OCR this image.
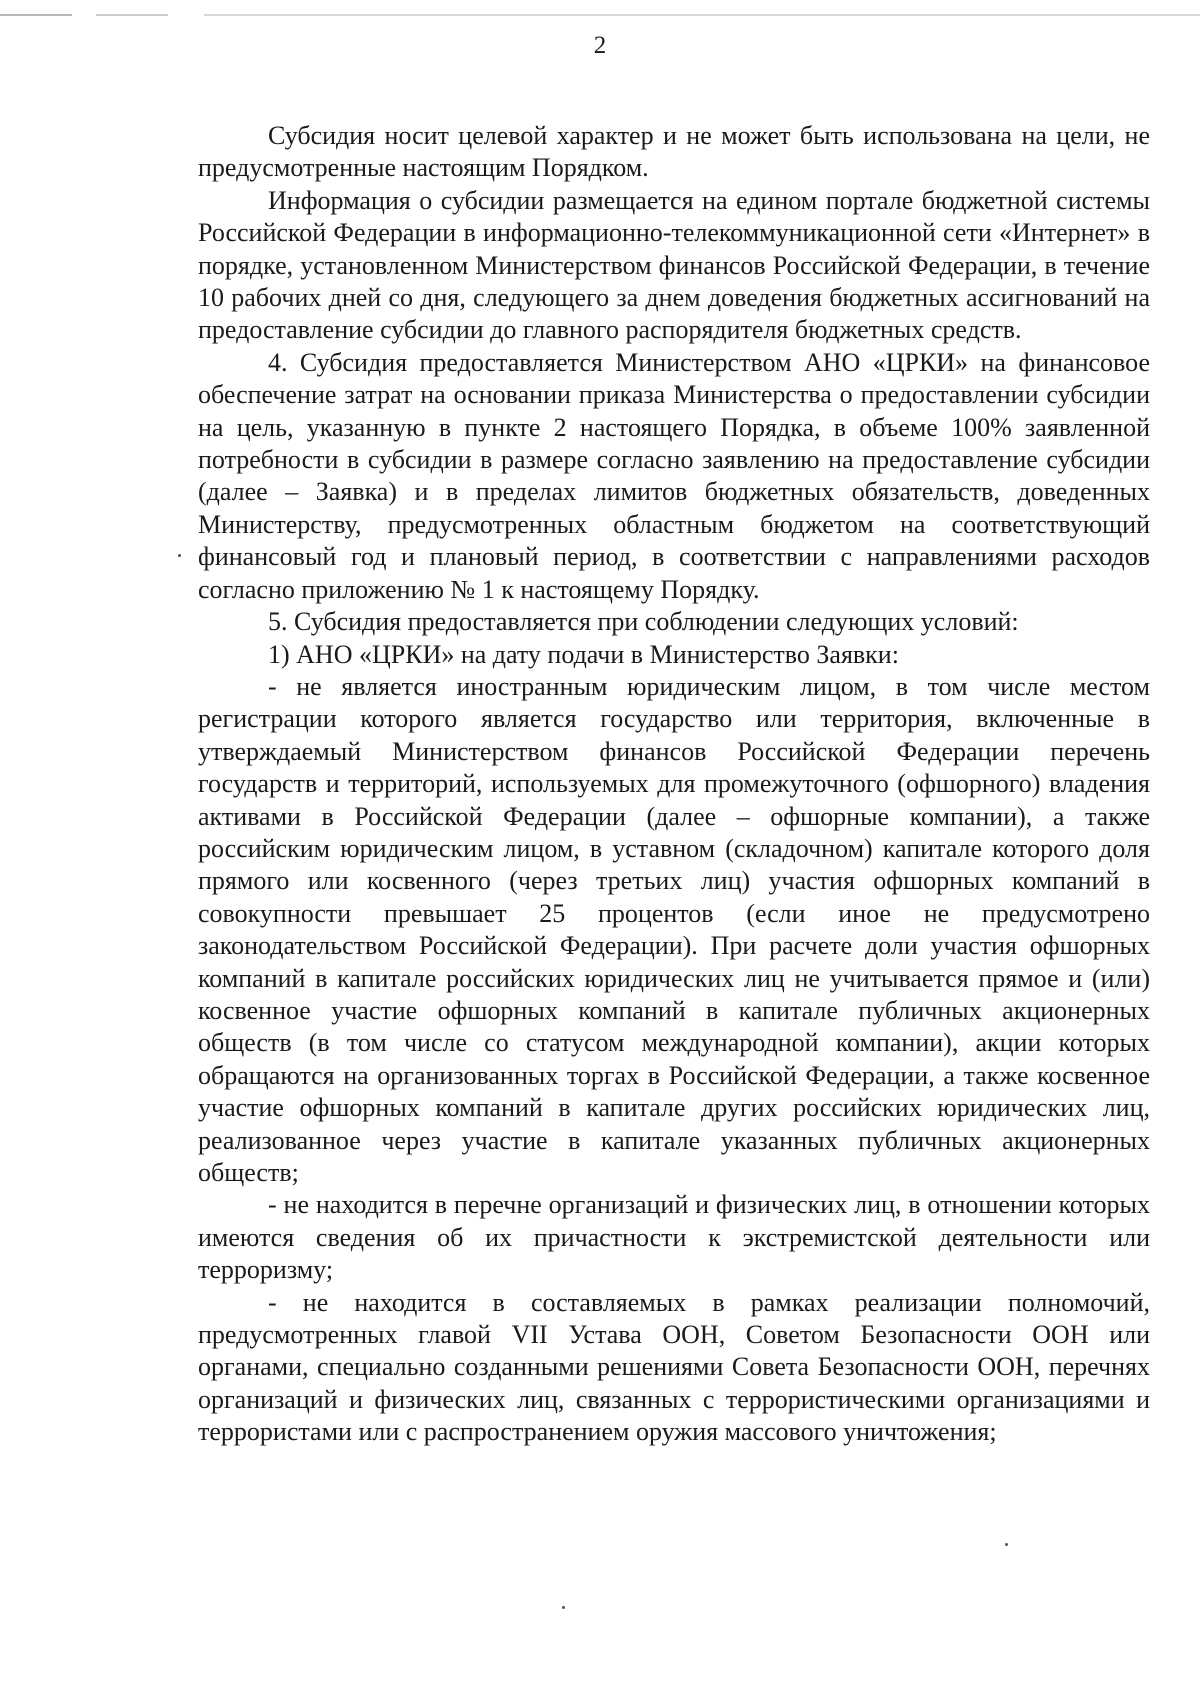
2

Субсидия носит целевой характер и не может быть использована на цели, не предусмотренные настоящим Порядком.

Информация о субсидии размещается на едином портале бюджетной системы Российской Федерации в информационно-телекоммуникационной сети «Интернет» в порядке, установленном Министерством финансов Российской Федерации, в течение 10 рабочих дней со дня, следующего за днем доведения бюджетных ассигнований на предоставление субсидии до главного распорядителя бюджетных средств.

4. Субсидия предоставляется Министерством АНО «ЦРКИ» на финансовое обеспечение затрат на основании приказа Министерства о предоставлении субсидии на цель, указанную в пункте 2 настоящего Порядка, в объеме 100% заявленной потребности в субсидии в размере согласно заявлению на предоставление субсидии (далее – Заявка) и в пределах лимитов бюджетных обязательств, доведенных Министерству, предусмотренных областным бюджетом на соответствующий финансовый год и плановый период, в соответствии с направлениями расходов согласно приложению № 1 к настоящему Порядку.

5. Субсидия предоставляется при соблюдении следующих условий:

1) АНО «ЦРКИ» на дату подачи в Министерство Заявки:

- не является иностранным юридическим лицом, в том числе местом регистрации которого является государство или территория, включенные в утверждаемый Министерством финансов Российской Федерации перечень государств и территорий, используемых для промежуточного (офшорного) владения активами в Российской Федерации (далее – офшорные компании), а также российским юридическим лицом, в уставном (складочном) капитале которого доля прямого или косвенного (через третьих лиц) участия офшорных компаний в совокупности превышает 25 процентов (если иное не предусмотрено законодательством Российской Федерации). При расчете доли участия офшорных компаний в капитале российских юридических лиц не учитывается прямое и (или) косвенное участие офшорных компаний в капитале публичных акционерных обществ (в том числе со статусом международной компании), акции которых обращаются на организованных торгах в Российской Федерации, а также косвенное участие офшорных компаний в капитале других российских юридических лиц, реализованное через участие в капитале указанных публичных акционерных обществ;

- не находится в перечне организаций и физических лиц, в отношении которых имеются сведения об их причастности к экстремистской деятельности или терроризму;

- не находится в составляемых в рамках реализации полномочий, предусмотренных главой VII Устава ООН, Советом Безопасности ООН или органами, специально созданными решениями Совета Безопасности ООН, перечнях организаций и физических лиц, связанных с террористическими организациями и террористами или с распространением оружия массового уничтожения;
